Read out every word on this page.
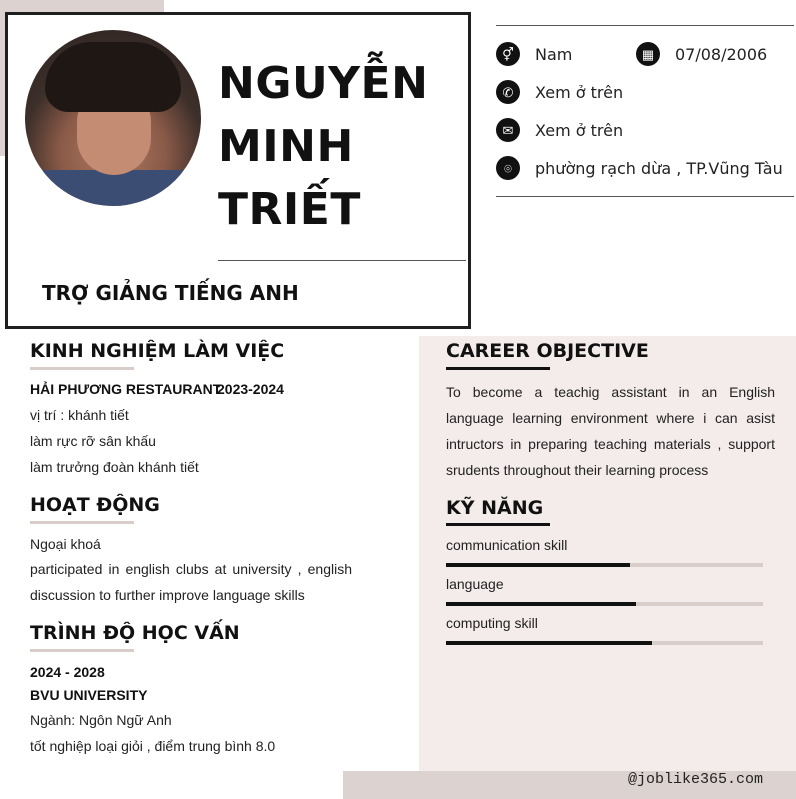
NGUYỄN
MINH
TRIẾT
TRỢ GIẢNG TIẾNG ANH
⚥	Nam	▦	07/08/2006
✆	Xem ở trên
✉	Xem ở trên
⌾	phường rạch dừa , TP.Vũng Tàu
@joblike365.com
KINH NGHIỆM LÀM VIỆC
HẢI PHƯƠNG RESTAURANT
2023-2024
vị trí : khánh tiết
làm rực rỡ sân khấu
làm trưởng đoàn khánh tiết
HOẠT ĐỘNG
Ngoại khoá
participated in english clubs at university , english
discussion to further improve language skills
TRÌNH ĐỘ HỌC VẤN
2024 - 2028
BVU UNIVERSITY
Ngành: Ngôn Ngữ Anh
tốt nghiệp loại giỏi , điểm trung bình 8.0
CAREER OBJECTIVE
To become a teachig assistant in an English language learning environment where i can asist intructors in preparing teaching materials , support srudents throughout their learning process
KỸ NĂNG
communication skill
language
computing skill
